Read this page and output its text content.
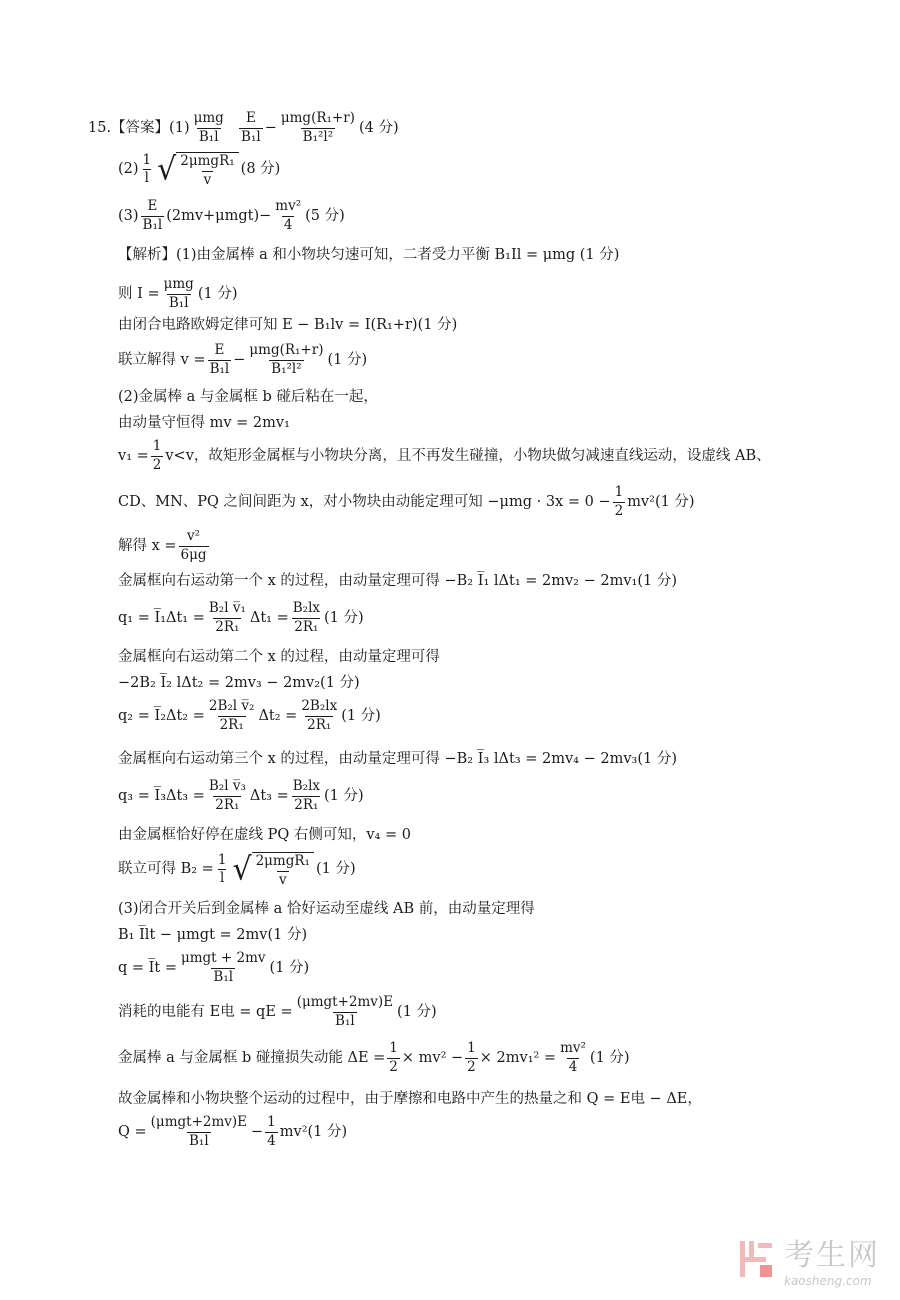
15.【答案】$(1) \frac{\text{μmg}}{\text{B₁l}}$
$\frac{E}{\text{B₁l}} - \frac{\text{μmg(R₁+r)}}{\text{B₁²l²}} (4$ 分)
$(2) \frac{1}{l}$ √ $\frac{\text{2μmgR₁}}{v} (8$ 分)
$(3) \frac{E}{\text{B₁l}} (2mv+\mu mgt)- \frac{\text{mv²}}{4} (5$ 分)
【解析】(1)由金属棒 a 和小物块匀速可知，二者受力平衡 B₁Il = μmg (1 分)
则 $I = \frac{\text{μmg}}{\text{B₁l}} (1$ 分)
由闭合电路欧姆定律可知 E − B₁lv = I(R₁+r)(1 分)
联立解得 $v = \frac{E}{\text{B₁l}} - \frac{\text{μmg(R₁+r)}}{\text{B₁²l²}} (1$ 分)
(2)金属棒 a 与金属框 b 碰后粘在一起，
由动量守恒得 mv = 2mv₁
$v_1 = \frac{1}{2} v<v$，故矩形金属框与小物块分离，且不再发生碰撞，小物块做匀减速直线运动，设虚线 AB、
CD、MN、PQ 之间间距为 x，对小物块由动能定理可知 $-\mu mg \cdot 3x = 0 - \frac{1}{2} mv^2(1$ 分)
解得 $x = \frac{\text{v²}}{6\mu g}$
金属框向右运动第一个 x 的过程，由动量定理可得 −B₂ I̅₁ lΔt₁ = 2mv₂ − 2mv₁(1 分)
q₁ = I̅₁Δt₁ = $\frac{\text{B₂l v̅₁}}{\text{2R₁}} \Delta t_1 = \frac{\text{B₂lx}}{\text{2R₁}} (1$ 分)
金属框向右运动第二个 x 的过程，由动量定理可得
−2B₂ I̅₂ lΔt₂ = 2mv₃ − 2mv₂(1 分)
q₂ = I̅₂Δt₂ = $\frac{\text{2B₂l v̅₂}}{\text{2R₁}} \Delta t_2 = \frac{\text{2B₂lx}}{\text{2R₁}} (1$ 分)
金属框向右运动第三个 x 的过程，由动量定理可得 −B₂ I̅₃ lΔt₃ = 2mv₄ − 2mv₃(1 分)
q₃ = I̅₃Δt₃ = $\frac{\text{B₂l v̅₃}}{\text{2R₁}} \Delta t_3 = \frac{\text{B₂lx}}{\text{2R₁}} (1$ 分)
由金属框恰好停在虚线 PQ 右侧可知，v₄ = 0
联立可得 $B_2 = \frac{1}{l}$ √ $\frac{\text{2μmgR₁}}{v} (1$ 分)
(3)闭合开关后到金属棒 a 恰好运动至虚线 AB 前，由动量定理得
B₁ I̅lt − μmgt = 2mv(1 分)
q = I̅t = $\frac{\text{μmgt + 2mv}}{\text{B₁l}} (1$ 分)
消耗的电能有 E电 = qE = $\frac{\text{(μmgt+2mv)E}}{\text{B₁l}} (1$ 分)
金属棒 a 与金属框 b 碰撞损失动能 $\Delta E = \frac{1}{2} \times mv^2 - \frac{1}{2} \times 2mv_1^2 = \frac{\text{mv²}}{4} (1$ 分)
故金属棒和小物块整个运动的过程中，由于摩擦和电路中产生的热量之和 Q = E电 − ΔE，
$Q = \frac{\text{(μmgt+2mv)E}}{\text{B₁l}} - \frac{1}{4} mv^2(1$ 分)
考生网
kaosheng.com
